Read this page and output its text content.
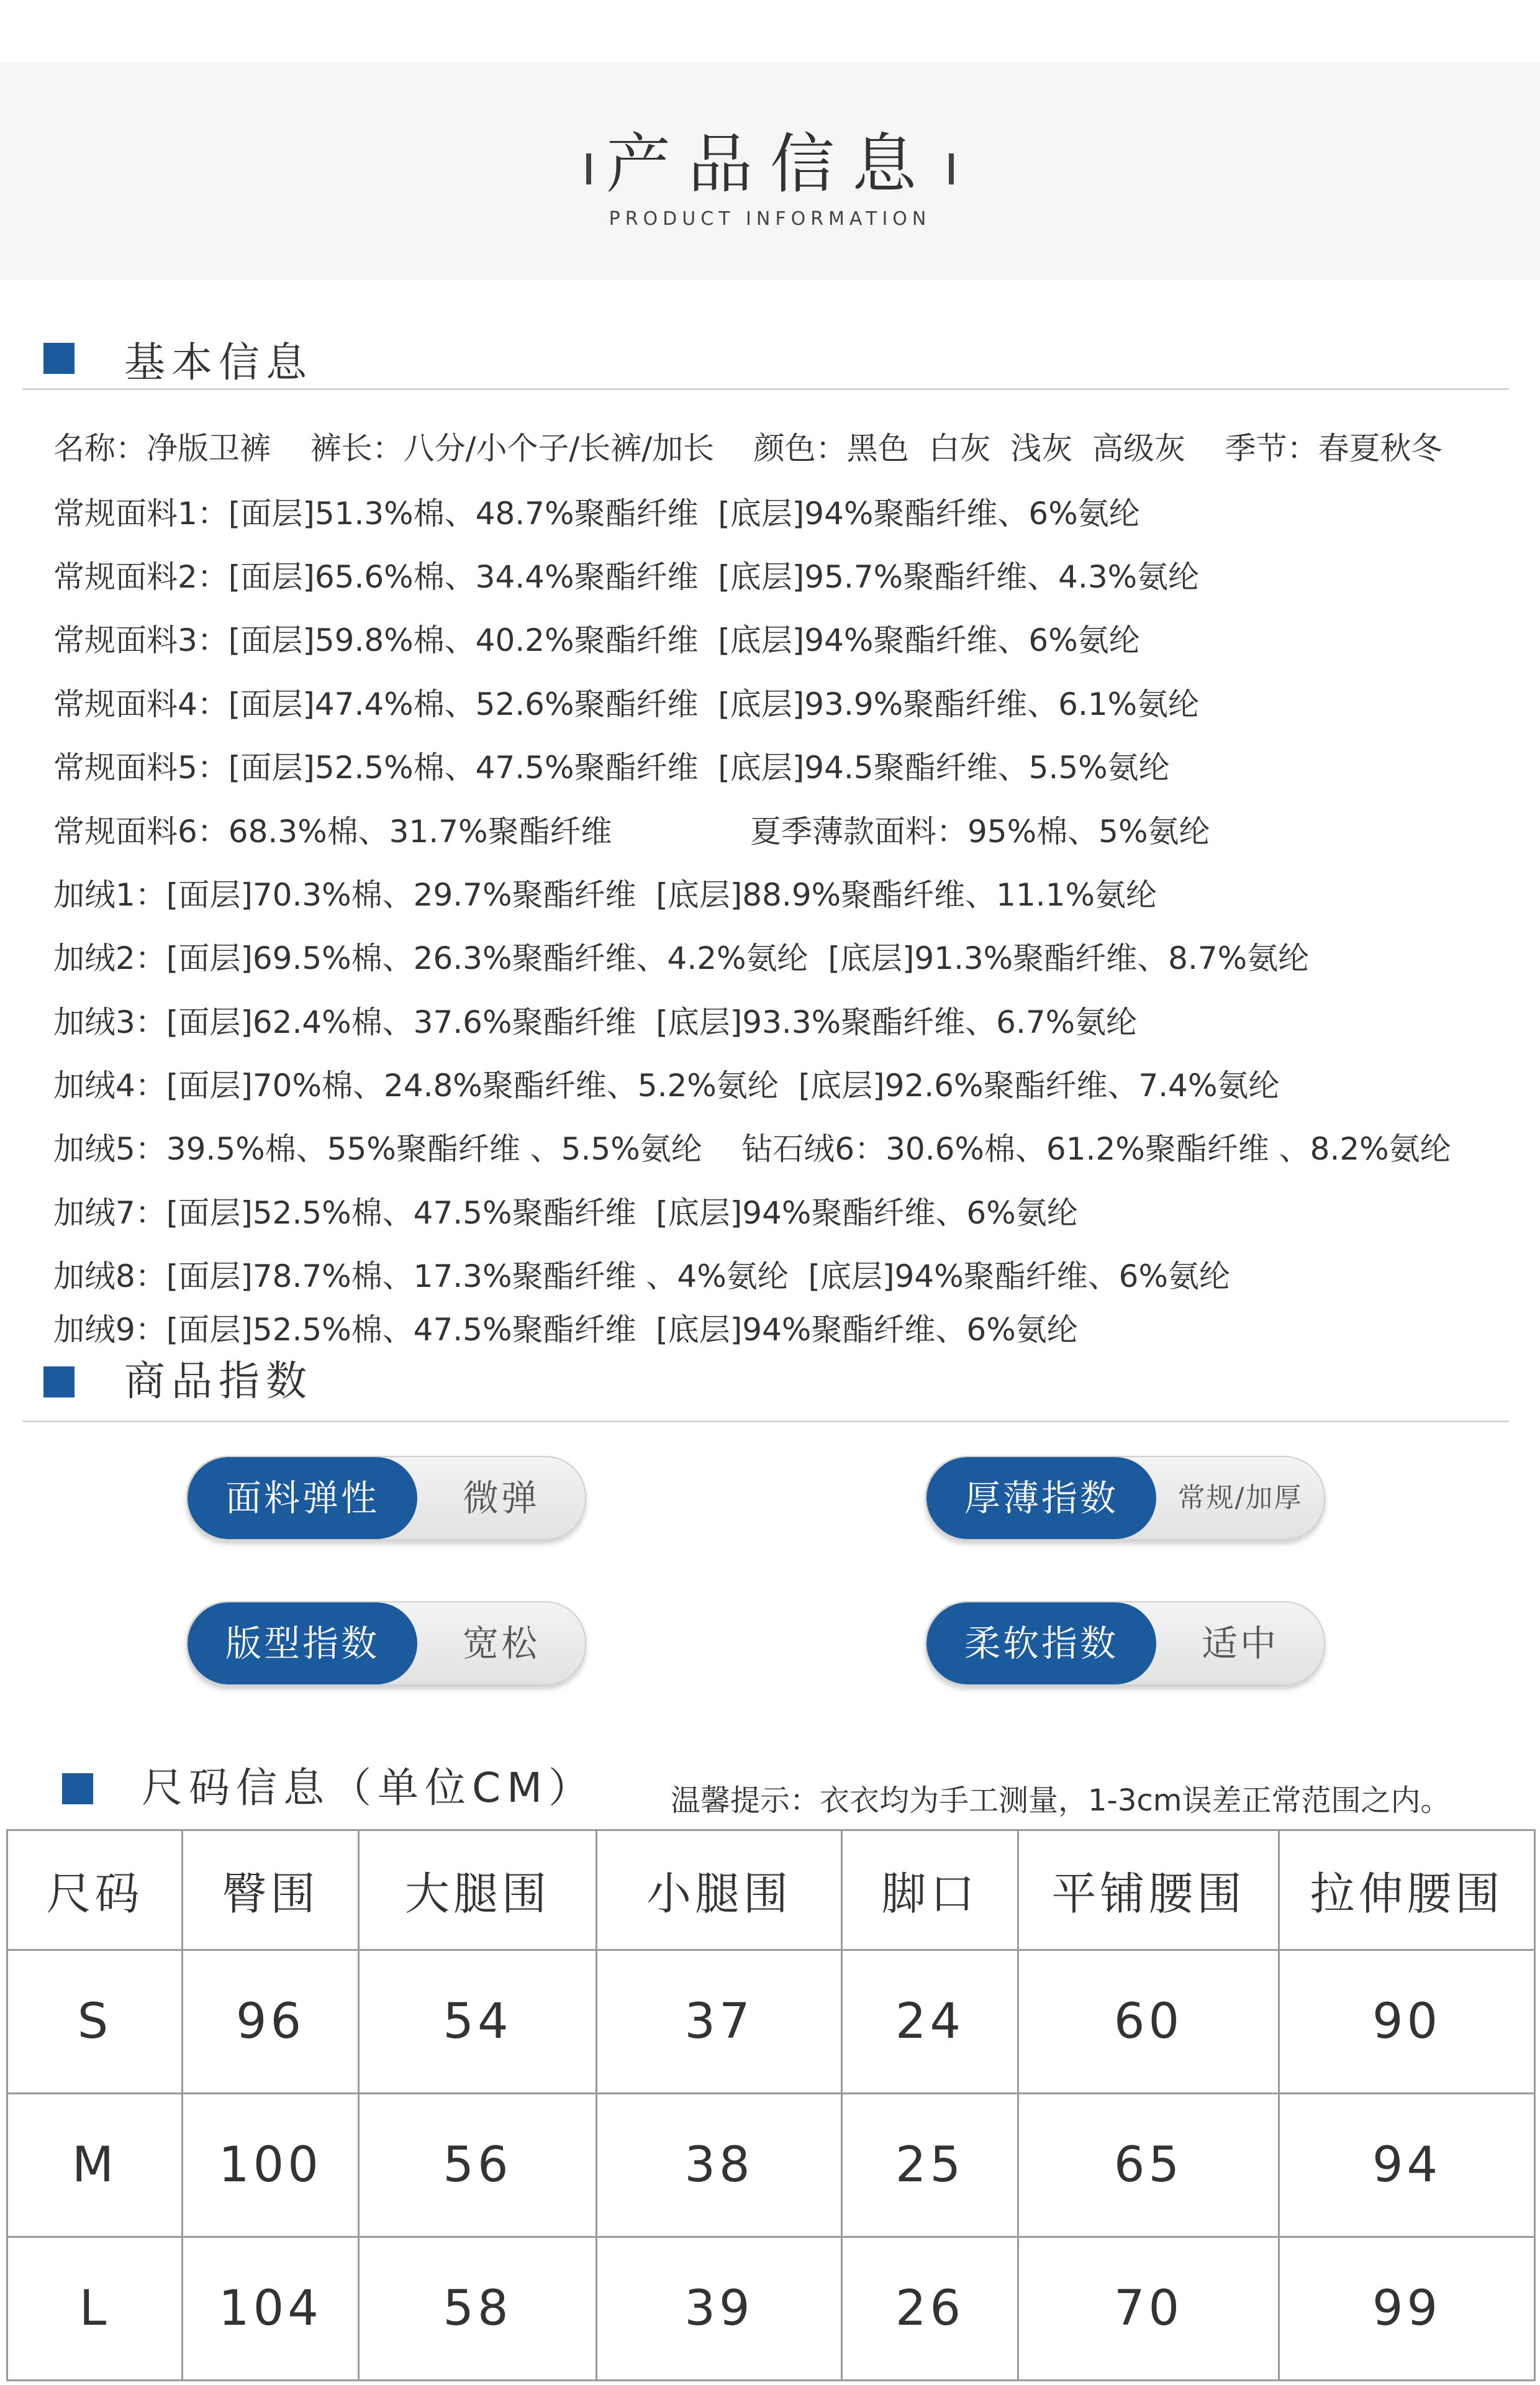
产品信息
PRODUCT INFORMATION
基本信息
名称：净版卫裤    裤长：八分/小个子/长裤/加长    颜色：黑色  白灰  浅灰  高级灰    季节：春夏秋冬
常规面料1：[面层]51.3%棉、48.7%聚酯纤维  [底层]94%聚酯纤维、6%氨纶
常规面料2：[面层]65.6%棉、34.4%聚酯纤维  [底层]95.7%聚酯纤维、4.3%氨纶
常规面料3：[面层]59.8%棉、40.2%聚酯纤维  [底层]94%聚酯纤维、6%氨纶
常规面料4：[面层]47.4%棉、52.6%聚酯纤维  [底层]93.9%聚酯纤维、6.1%氨纶
常规面料5：[面层]52.5%棉、47.5%聚酯纤维  [底层]94.5聚酯纤维、5.5%氨纶
常规面料6：68.3%棉、31.7%聚酯纤维              夏季薄款面料：95%棉、5%氨纶
加绒1：[面层]70.3%棉、29.7%聚酯纤维  [底层]88.9%聚酯纤维、11.1%氨纶
加绒2：[面层]69.5%棉、26.3%聚酯纤维、4.2%氨纶  [底层]91.3%聚酯纤维、8.7%氨纶
加绒3：[面层]62.4%棉、37.6%聚酯纤维  [底层]93.3%聚酯纤维、6.7%氨纶
加绒4：[面层]70%棉、24.8%聚酯纤维、5.2%氨纶  [底层]92.6%聚酯纤维、7.4%氨纶
加绒5：39.5%棉、55%聚酯纤维 、5.5%氨纶    钻石绒6：30.6%棉、61.2%聚酯纤维 、8.2%氨纶
加绒7：[面层]52.5%棉、47.5%聚酯纤维  [底层]94%聚酯纤维、6%氨纶
加绒8：[面层]78.7%棉、17.3%聚酯纤维 、4%氨纶  [底层]94%聚酯纤维、6%氨纶
加绒9：[面层]52.5%棉、47.5%聚酯纤维  [底层]94%聚酯纤维、6%氨纶
商品指数
面料弹性	微弹	厚薄指数	常规/加厚
版型指数	宽松	柔软指数	适中
尺码信息（单位CM）	温馨提示：衣衣均为手工测量，1-3cm误差正常范围之内。
尺码	臀围	大腿围	小腿围	脚口	平铺腰围	拉伸腰围
S	96	54	37	24	60	90
M	100	56	38	25	65	94
L	104	58	39	26	70	99
